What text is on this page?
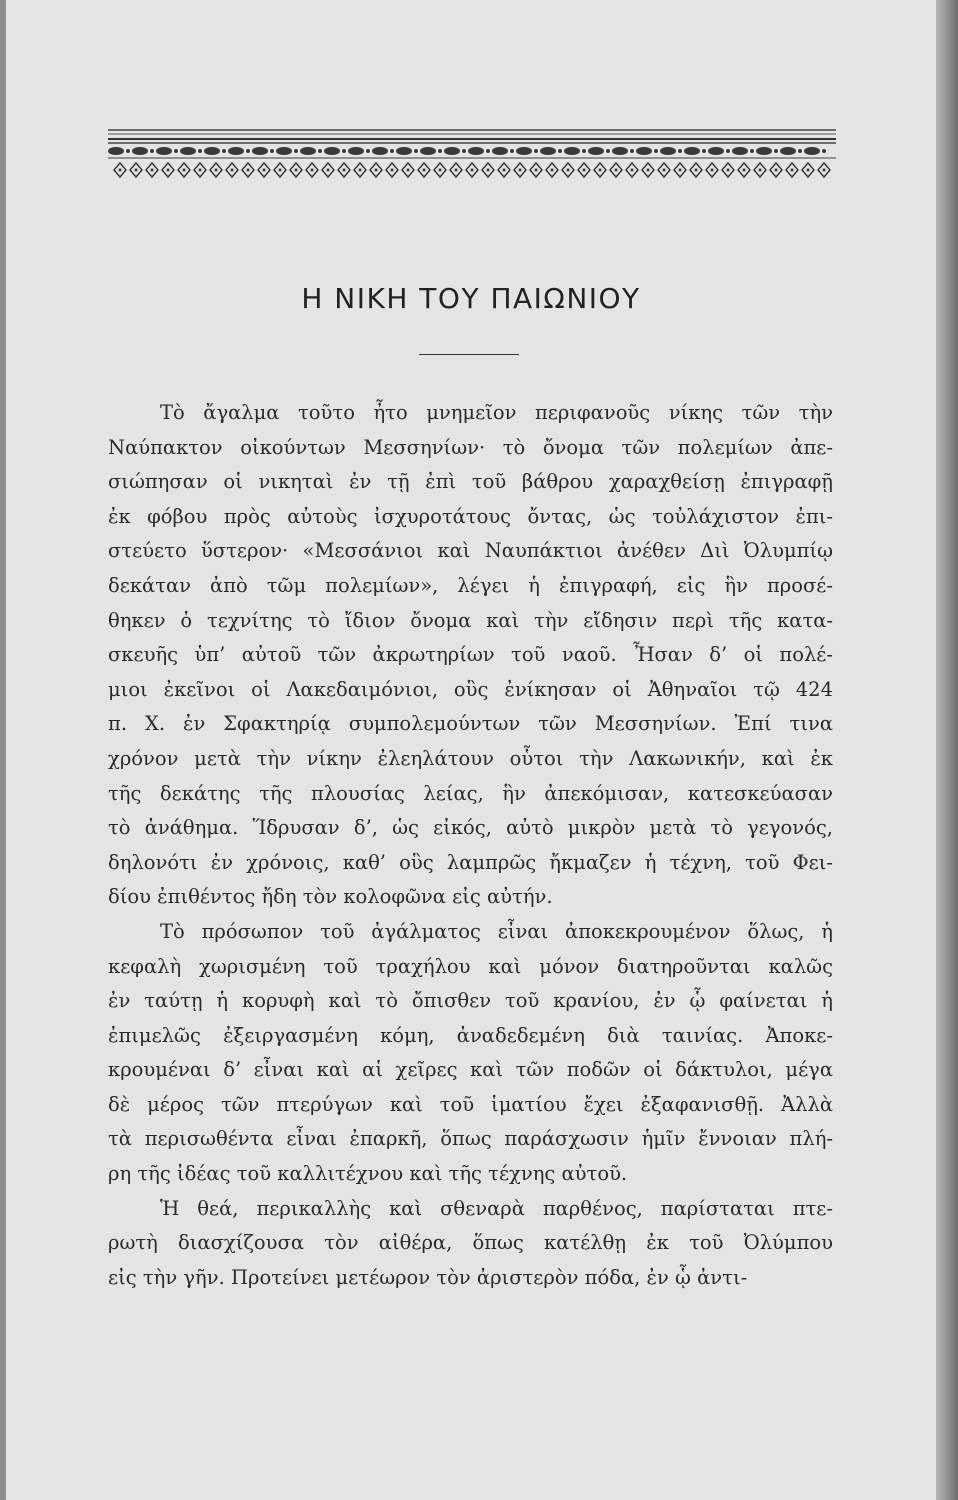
Η ΝΙΚΗ ΤΟΥ ΠΑΙΩΝΙΟΥ
Τὸ ἄγαλμα τοῦτο ἦτο μνημεῖον περιφανοῦς νίκης τῶν τὴν
Ναύπακτον οἰκούντων Μεσσηνίων· τὸ ὄνομα τῶν πολεμίων ἀπε-
σιώπησαν οἱ νικηταὶ ἐν τῇ ἐπὶ τοῦ βάθρου χαραχθείσῃ ἐπιγραφῇ
ἐκ φόβου πρὸς αὐτοὺς ἰσχυροτάτους ὄντας, ὡς τοὐλάχιστον ἐπι-
στεύετο ὕστερον· «Μεσσάνιοι καὶ Ναυπάκτιοι ἀνέθεν Διὶ Ὀλυμπίῳ
δεκάταν ἀπὸ τῶμ πολεμίων», λέγει ἡ ἐπιγραφή, εἰς ἣν προσέ-
θηκεν ὁ τεχνίτης τὸ ἴδιον ὄνομα καὶ τὴν εἴδησιν περὶ τῆς κατα-
σκευῆς ὑπ’ αὐτοῦ τῶν ἀκρωτηρίων τοῦ ναοῦ. Ἦσαν δ’ οἱ πολέ-
μιοι ἐκεῖνοι οἱ Λακεδαιμόνιοι, οὓς ἐνίκησαν οἱ Ἀθηναῖοι τῷ 424
π. Χ. ἐν Σφακτηρίᾳ συμπολεμούντων τῶν Μεσσηνίων. Ἐπί τινα
χρόνον μετὰ τὴν νίκην ἐλεηλάτουν οὗτοι τὴν Λακωνικήν, καὶ ἐκ
τῆς δεκάτης τῆς πλουσίας λείας, ἣν ἀπεκόμισαν, κατεσκεύασαν
τὸ ἀνάθημα. Ἵδρυσαν δ’, ὡς εἰκός, αὐτὸ μικρὸν μετὰ τὸ γεγονός,
δηλονότι ἐν χρόνοις, καθ’ οὓς λαμπρῶς ἤκμαζεν ἡ τέχνη, τοῦ Φει-
δίου ἐπιθέντος ἤδη τὸν κολοφῶνα εἰς αὐτήν.
Τὸ πρόσωπον τοῦ ἀγάλματος εἶναι ἀποκεκρουμένον ὅλως, ἡ
κεφαλὴ χωρισμένη τοῦ τραχήλου καὶ μόνον διατηροῦνται καλῶς
ἐν ταύτῃ ἡ κορυφὴ καὶ τὸ ὄπισθεν τοῦ κρανίου, ἐν ᾧ φαίνεται ἡ
ἐπιμελῶς ἐξειργασμένη κόμη, ἀναδεδεμένη διὰ ταινίας. Ἀποκε-
κρουμέναι δ’ εἶναι καὶ αἱ χεῖρες καὶ τῶν ποδῶν οἱ δάκτυλοι, μέγα
δὲ μέρος τῶν πτερύγων καὶ τοῦ ἱματίου ἔχει ἐξαφανισθῇ. Ἀλλὰ
τὰ περισωθέντα εἶναι ἐπαρκῆ, ὅπως παράσχωσιν ἡμῖν ἔννοιαν πλή-
ρη τῆς ἰδέας τοῦ καλλιτέχνου καὶ τῆς τέχνης αὐτοῦ.
Ἡ θεά, περικαλλὴς καὶ σθεναρὰ παρθένος, παρίσταται πτε-
ρωτὴ διασχίζουσα τὸν αἰθέρα, ὅπως κατέλθῃ ἐκ τοῦ Ὀλύμπου
εἰς τὴν γῆν. Προτείνει μετέωρον τὸν ἀριστερὸν πόδα, ἐν ᾧ ἀντι-
